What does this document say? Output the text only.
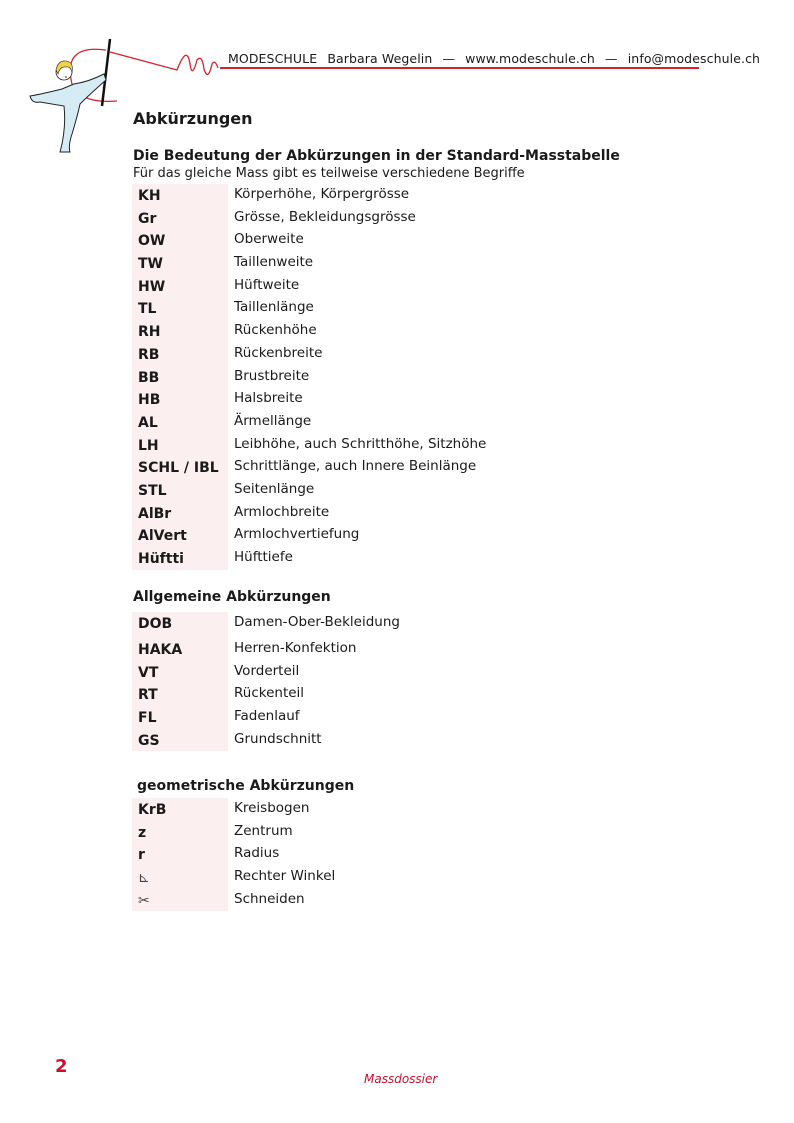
MODESCHULE Barbara Wegelin — www.modeschule.ch — info@modeschule.ch
Abkürzungen
Die Bedeutung der Abkürzungen in der Standard-Masstabelle
Für das gleiche Mass gibt es teilweise verschiedene Begriffe
KH	Körperhöhe, Körpergrösse
Gr	Grösse, Bekleidungsgrösse
OW	Oberweite
TW	Taillenweite
HW	Hüftweite
TL	Taillenlänge
RH	Rückenhöhe
RB	Rückenbreite
BB	Brustbreite
HB	Halsbreite
AL	Ärmellänge
LH	Leibhöhe, auch Schritthöhe, Sitzhöhe
SCHL / IBL	Schrittlänge, auch Innere Beinlänge
STL	Seitenlänge
AlBr	Armlochbreite
AlVert	Armlochvertiefung
Hüftti	Hüfttiefe
Allgemeine Abkürzungen
DOB	Damen-Ober-Bekleidung
HAKA	Herren-Konfektion
VT	Vorderteil
RT	Rückenteil
FL	Fadenlauf
GS	Grundschnitt
geometrische Abkürzungen
KrB	Kreisbogen
z	Zentrum
r	Radius
⊾	Rechter Winkel
✂	Schneiden
2
Massdossier
